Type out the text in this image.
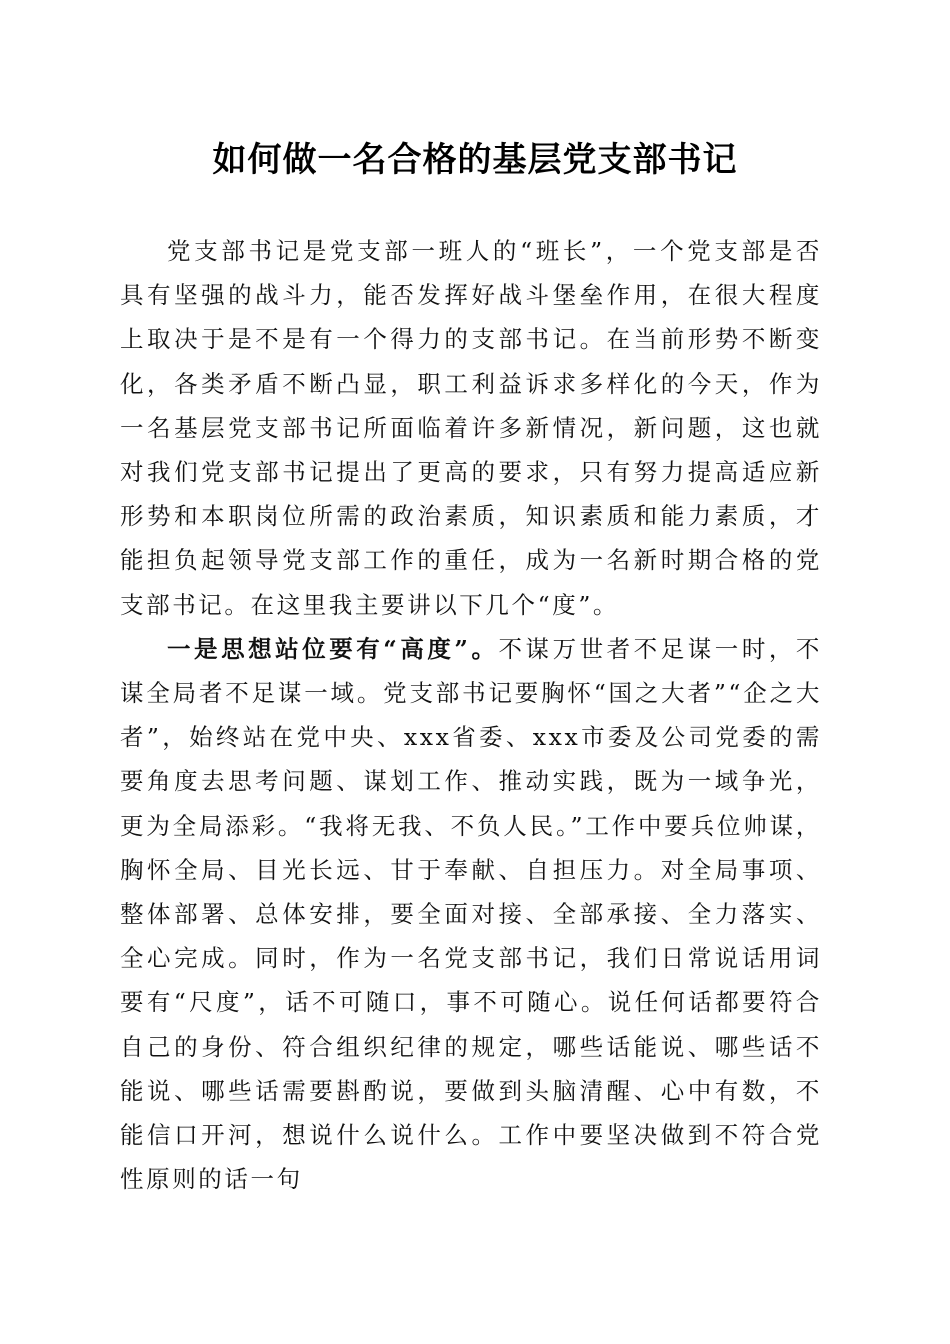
如何做一名合格的基层党支部书记

党支部书记是党支部一班人的“班长”，一个党支部是否具有坚强的战斗力，能否发挥好战斗堡垒作用，在很大程度上取决于是不是有一个得力的支部书记。在当前形势不断变化，各类矛盾不断凸显，职工利益诉求多样化的今天，作为一名基层党支部书记所面临着许多新情况，新问题，这也就对我们党支部书记提出了更高的要求，只有努力提高适应新形势和本职岗位所需的政治素质，知识素质和能力素质，才能担负起领导党支部工作的重任，成为一名新时期合格的党支部书记。在这里我主要讲以下几个“度”。

一是思想站位要有“高度”。不谋万世者不足谋一时，不谋全局者不足谋一域。党支部书记要胸怀“国之大者”“企之大者”，始终站在党中央、xxx省委、xxx市委及公司党委的需要角度去思考问题、谋划工作、推动实践，既为一域争光，更为全局添彩。“我将无我、不负人民。”工作中要兵位帅谋，胸怀全局、目光长远、甘于奉献、自担压力。对全局事项、整体部署、总体安排，要全面对接、全部承接、全力落实、全心完成。同时，作为一名党支部书记，我们日常说话用词要有“尺度”，话不可随口，事不可随心。说任何话都要符合自己的身份、符合组织纪律的规定，哪些话能说、哪些话不能说、哪些话需要斟酌说，要做到头脑清醒、心中有数，不能信口开河，想说什么说什么。工作中要坚决做到不符合党性原则的话一句
